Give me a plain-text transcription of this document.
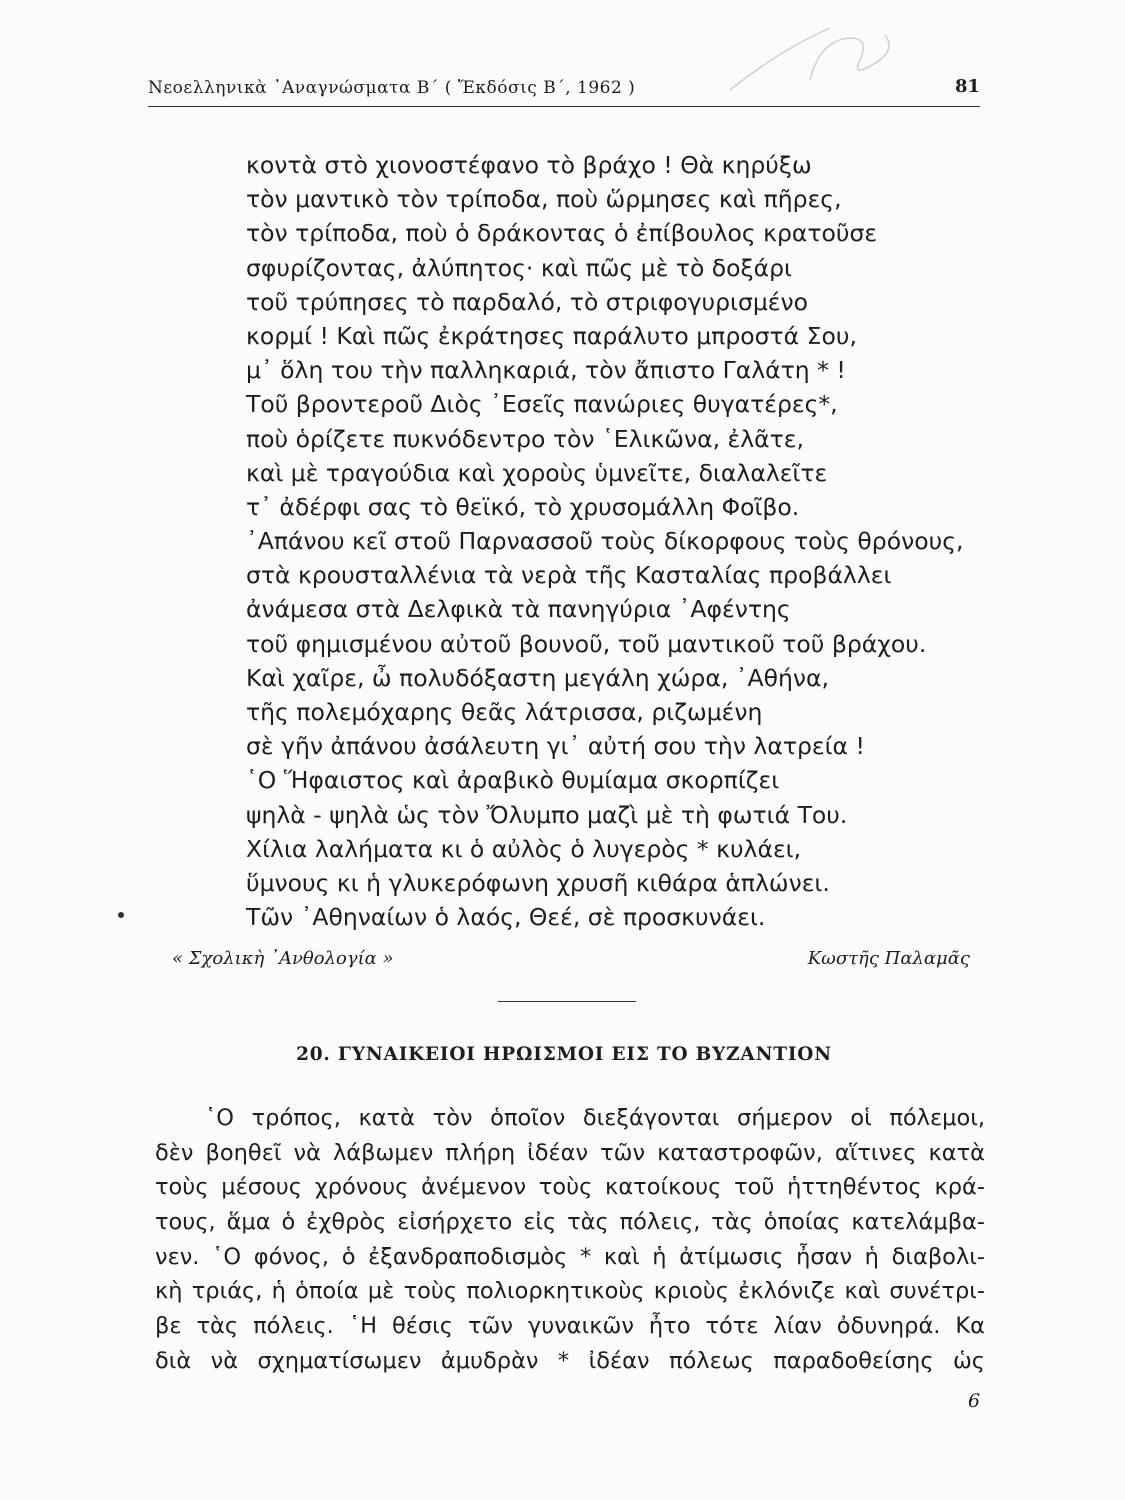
Νεοελληνικὰ ᾿Αναγνώσματα Β΄ ( Ἔκδόσις Β΄, 1962 )	81
κοντὰ στὸ χιονοστέφανο τὸ βράχο ! Θὰ κηρύξω
τὸν μαντικὸ τὸν τρίποδα, ποὺ ὥρμησες καὶ πῆρες,
τὸν τρίποδα, ποὺ ὁ δράκοντας ὁ ἐπίβουλος κρατοῦσε
σφυρίζοντας, ἀλύπητος· καὶ πῶς μὲ τὸ δοξάρι
τοῦ τρύπησες τὸ παρδαλό, τὸ στριφογυρισμένο
κορμί ! Καὶ πῶς ἐκράτησες παράλυτο μπροστά Σου,
μ᾿ ὅλη του τὴν παλληκαριά, τὸν ἄπιστο Γαλάτη * !
Τοῦ βροντεροῦ Διὸς ᾿Εσεῖς πανώριες θυγατέρες*,
ποὺ ὁρίζετε πυκνόδεντρο τὸν ῾Ελικῶνα, ἐλᾶτε,
καὶ μὲ τραγούδια καὶ χοροὺς ὑμνεῖτε, διαλαλεῖτε
τ᾿ ἀδέρφι σας τὸ θεϊκό, τὸ χρυσομάλλη Φοῖβο.
᾿Απάνου κεῖ στοῦ Παρνασσοῦ τοὺς δίκορφους τοὺς θρόνους,
στὰ κρουσταλλένια τὰ νερὰ τῆς Κασταλίας προβάλλει
ἀνάμεσα στὰ Δελφικὰ τὰ πανηγύρια ᾿Αφέντης
τοῦ φημισμένου αὐτοῦ βουνοῦ, τοῦ μαντικοῦ τοῦ βράχου.
Καὶ χαῖρε, ὦ πολυδόξαστη μεγάλη χώρα, ᾿Αθήνα,
τῆς πολεμόχαρης θεᾶς λάτρισσα, ριζωμένη
σὲ γῆν ἀπάνου ἀσάλευτη γι᾿ αὐτή σου τὴν λατρεία !
῾Ο Ἥφαιστος καὶ ἀραβικὸ θυμίαμα σκορπίζει
ψηλὰ - ψηλὰ ὡς τὸν Ὄλυμπο μαζὶ μὲ τὴ φωτιά Του.
Χίλια λαλήματα κι ὁ αὐλὸς ὁ λυγερὸς * κυλάει,
ὕμνους κι ἡ γλυκερόφωνη χρυσῆ κιθάρα ἁπλώνει.
Τῶν ᾿Αθηναίων ὁ λαός, Θεέ, σὲ προσκυνάει.
« Σχολικὴ ᾿Ανθολογία »	Κωστῆς Παλαμᾶς
20. ΓΥΝΑΙΚΕΙΟΙ ΗΡΩΙΣΜΟΙ ΕΙΣ ΤΟ ΒΥΖΑΝΤΙΟΝ
῾Ο τρόπος, κατὰ τὸν ὁποῖον διεξάγονται σήμερον οἱ πόλεμοι,
δὲν βοηθεῖ νὰ λάβωμεν πλήρη ἰδέαν τῶν καταστροφῶν, αἵτινες κατὰ
τοὺς μέσους χρόνους ἀνέμενον τοὺς κατοίκους τοῦ ἡττηθέντος κρά-
τους, ἅμα ὁ ἐχθρὸς εἰσήρχετο εἰς τὰς πόλεις, τὰς ὁποίας κατελάμβα-
νεν. ῾Ο φόνος, ὁ ἐξανδραποδισμὸς * καὶ ἡ ἀτίμωσις ἦσαν ἡ διαβολι-
κὴ τριάς, ἡ ὁποία μὲ τοὺς πολιορκητικοὺς κριοὺς ἐκλόνιζε καὶ συνέτρι-
βε τὰς πόλεις. ῾Η θέσις τῶν γυναικῶν ἦτο τότε λίαν ὀδυνηρά. Κα
διὰ νὰ σχηματίσωμεν ἀμυδρὰν * ἰδέαν πόλεως παραδοθείσης ὡς
6
